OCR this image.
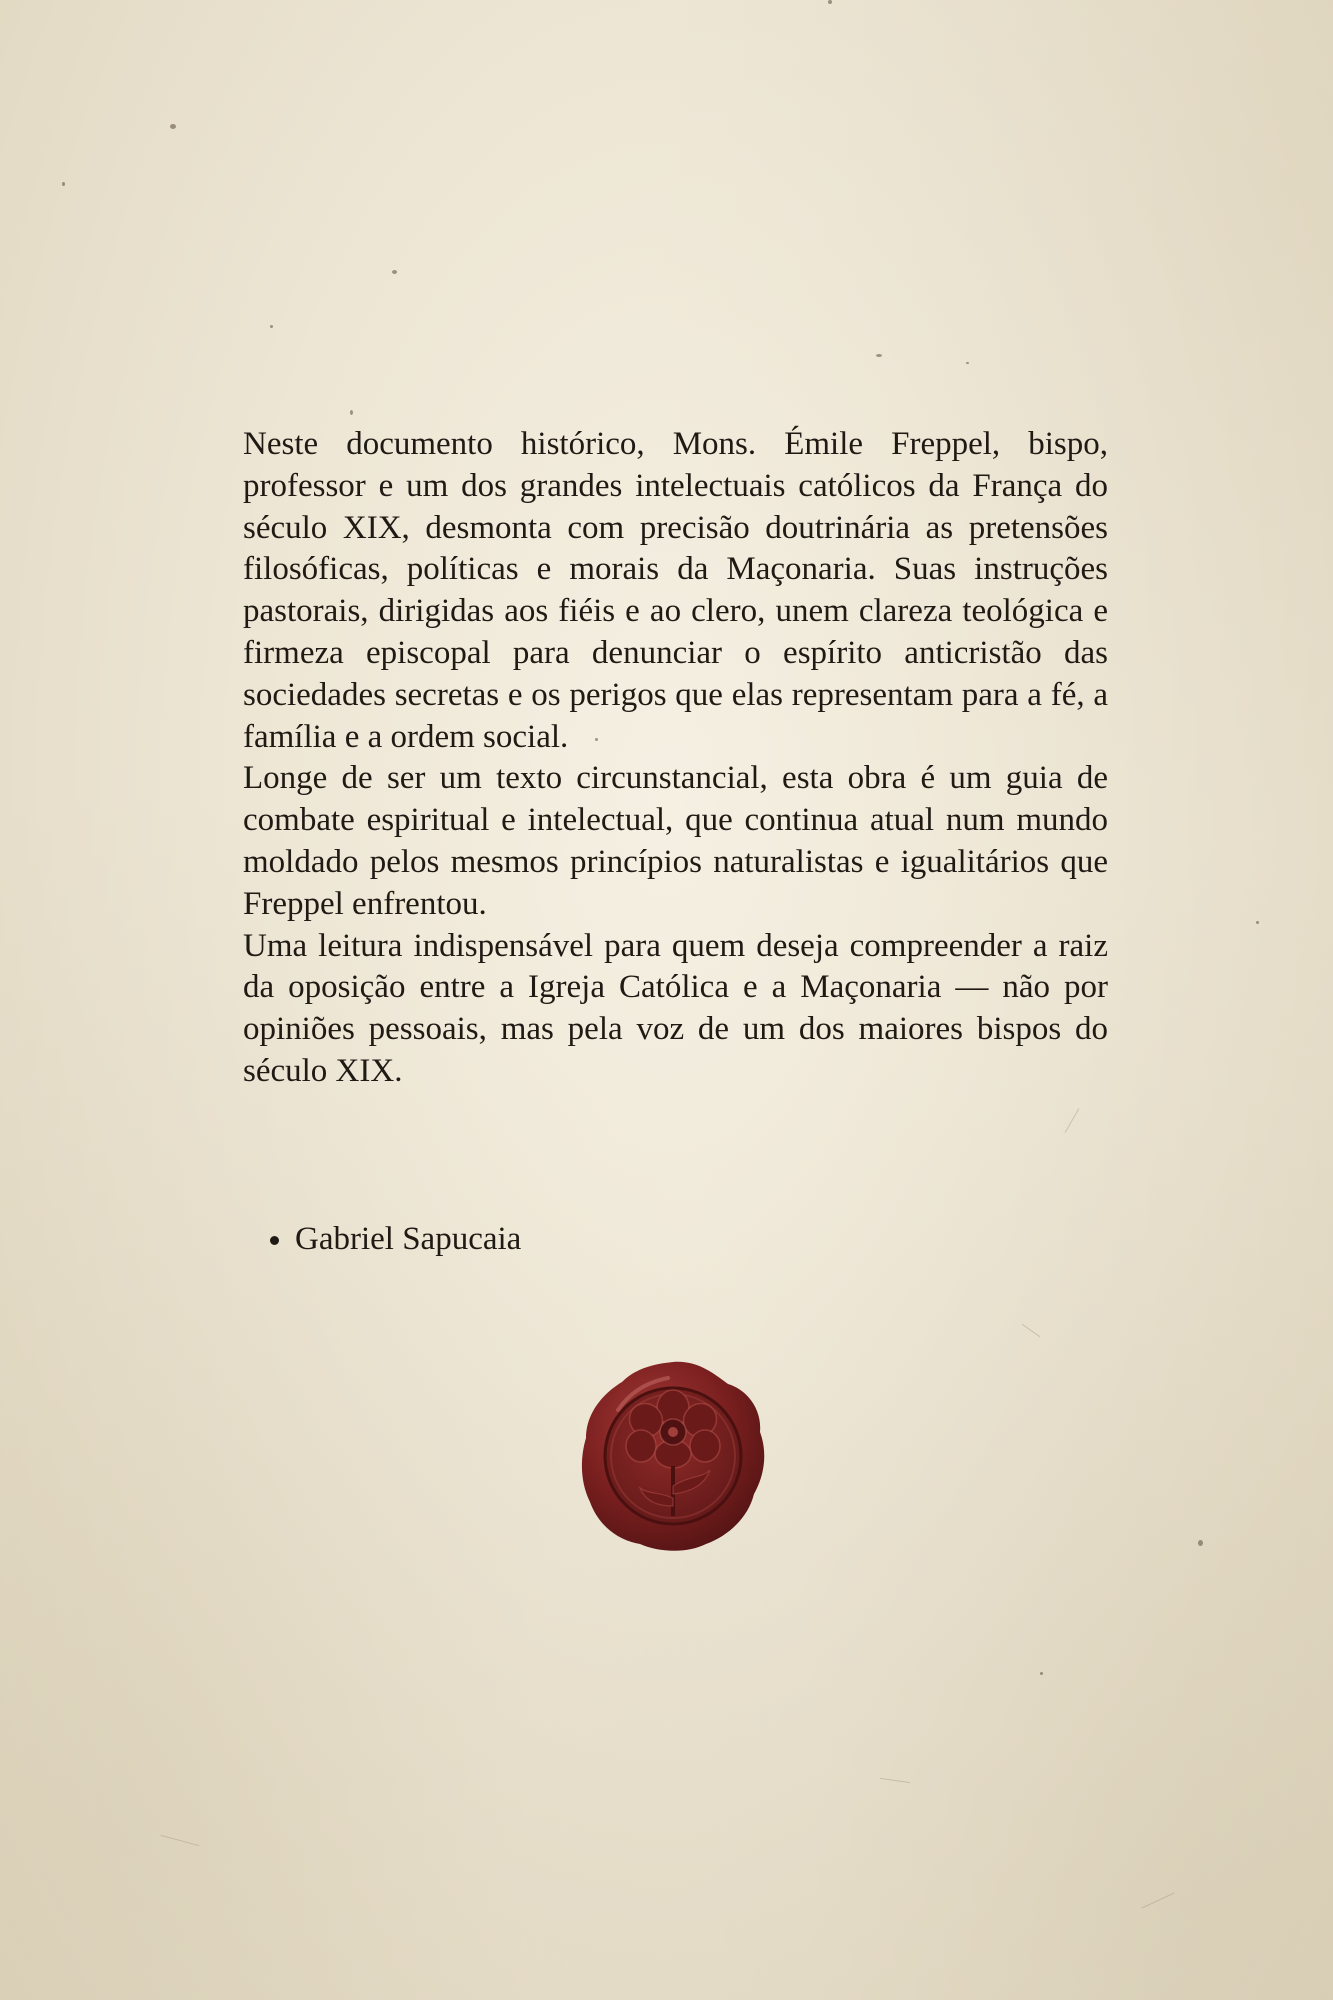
Neste documento histórico, Mons. Émile Freppel, bispo, professor e um dos grandes intelectuais católicos da França do século XIX, desmonta com precisão doutrinária as pretensões filosóficas, políticas e morais da Maçonaria. Suas instruções pastorais, dirigidas aos fiéis e ao clero, unem clareza teológica e firmeza episcopal para denunciar o espírito anticristão das sociedades secretas e os perigos que elas representam para a fé, a família e a ordem social.

Longe de ser um texto circunstancial, esta obra é um guia de combate espiritual e intelectual, que continua atual num mundo moldado pelos mesmos princípios naturalistas e igualitários que Freppel enfrentou.

Uma leitura indispensável para quem deseja compreender a raiz da oposição entre a Igreja Católica e a Maçonaria — não por opiniões pessoais, mas pela voz de um dos maiores bispos do século XIX.

• Gabriel Sapucaia
